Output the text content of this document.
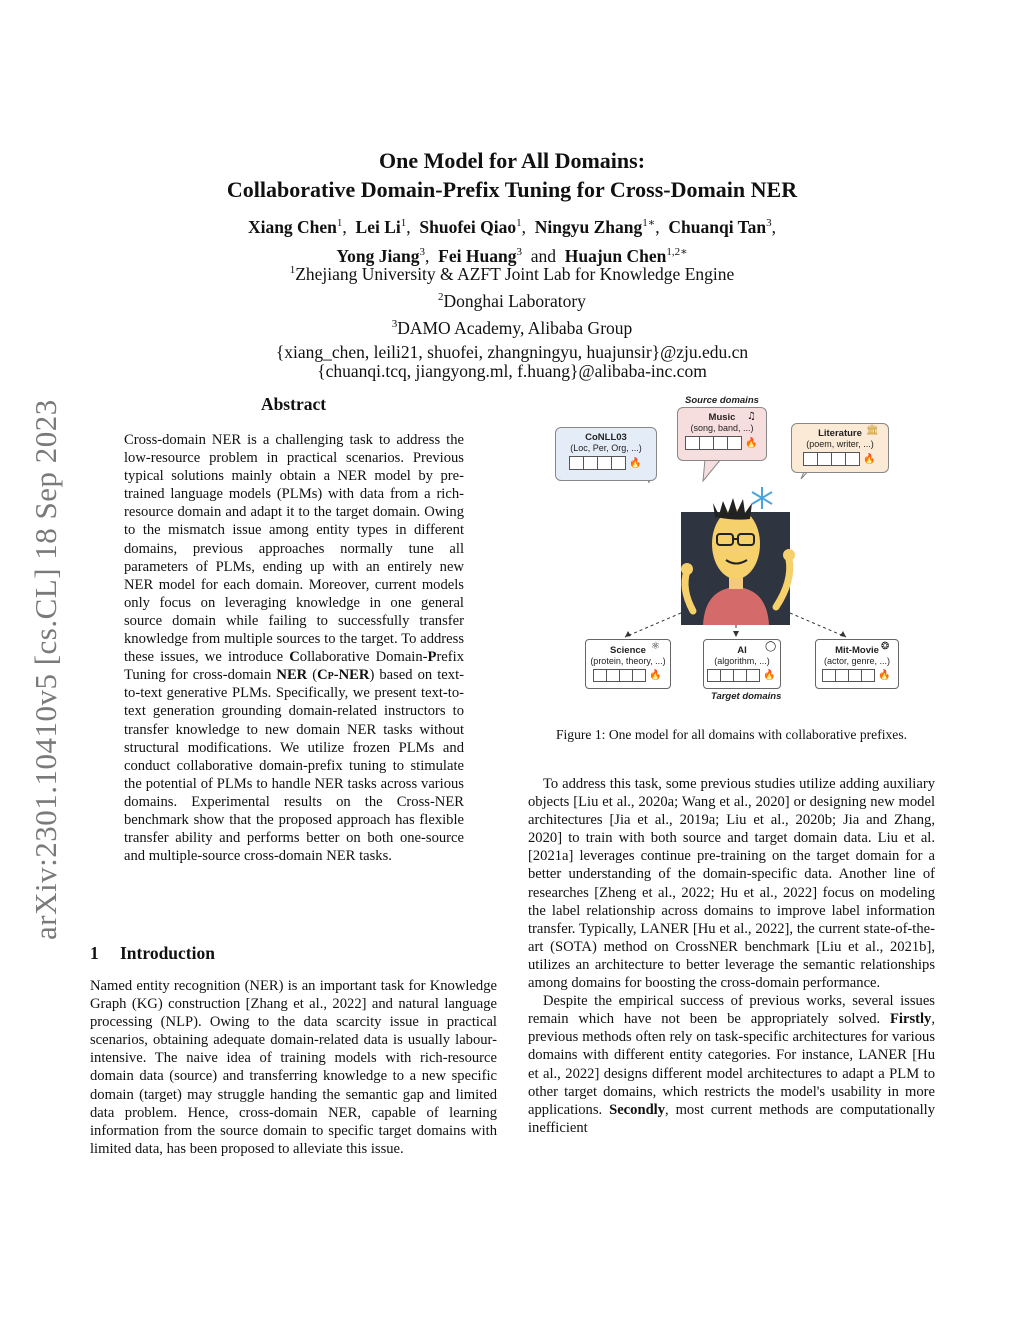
arXiv:2301.10410v5 [cs.CL] 18 Sep 2023
One Model for All Domains:
Collaborative Domain-Prefix Tuning for Cross-Domain NER
Xiang Chen$^1$,  Lei Li$^1$,  Shuofei Qiao$^1$,  Ningyu Zhang$^{1∗}$,  Chuanqi Tan$^3$,
Yong Jiang$^3$,  Fei Huang$^3$ and Huajun Chen$^{1,2∗}$
$^1$Zhejiang University & AZFT Joint Lab for Knowledge Engine
$^2$Donghai Laboratory
$^3$DAMO Academy, Alibaba Group
{xiang_chen, leili21, shuofei, zhangningyu, huajunsir}@zju.edu.cn
{chuanqi.tcq, jiangyong.ml, f.huang}@alibaba-inc.com
Abstract
Cross-domain NER is a challenging task to address the low-resource problem in practical scenarios. Previous typical solutions mainly obtain a NER model by pre-trained language models (PLMs) with data from a rich-resource domain and adapt it to the target domain. Owing to the mismatch issue among entity types in different domains, previous approaches normally tune all parameters of PLMs, ending up with an entirely new NER model for each domain. Moreover, current models only focus on leveraging knowledge in one general source domain while failing to successfully transfer knowledge from multiple sources to the target. To address these issues, we introduce Collaborative Domain-Prefix Tuning for cross-domain NER (Cp-NER) based on text-to-text generative PLMs. Specifically, we present text-to-text generation grounding domain-related instructors to transfer knowledge to new domain NER tasks without structural modifications. We utilize frozen PLMs and conduct collaborative domain-prefix tuning to stimulate the potential of PLMs to handle NER tasks across various domains. Experimental results on the Cross-NER benchmark show that the proposed approach has flexible transfer ability and performs better on both one-source and multiple-source cross-domain NER tasks.
1 Introduction

Named entity recognition (NER) is an important task for Knowledge Graph (KG) construction [Zhang et al., 2022] and natural language processing (NLP). Owing to the data scarcity issue in practical scenarios, obtaining adequate domain-related data is usually labour-intensive. The naive idea of training models with rich-resource domain data (source) and transferring knowledge to a new specific domain (target) may struggle handing the semantic gap and limited data problem. Hence, cross-domain NER, capable of learning information from the source domain to specific target domains with limited data, has been proposed to alleviate this issue.

Source domains
CoNLL03
(Loc, Per, Org, ...)
🔥
Music
(song, band, ...)
🔥
♫
Literature
(poem, writer, ...)
🔥
🏛
Science
(protein, theory, ...)
🔥
⚛	AI
(algorithm, ...)
🔥
◯	Mit-Movie
(actor, genre, ...)
🔥
❂
Target domains
Figure 1: One model for all domains with collaborative prefixes.

To address this task, some previous studies utilize adding auxiliary objects [Liu et al., 2020a; Wang et al., 2020] or designing new model architectures [Jia et al., 2019a; Liu et al., 2020b; Jia and Zhang, 2020] to train with both source and target domain data. Liu et al. [2021a] leverages continue pre-training on the target domain for a better understanding of the domain-specific data. Another line of researches [Zheng et al., 2022; Hu et al., 2022] focus on modeling the label relationship across domains to improve label information transfer. Typically, LANER [Hu et al., 2022], the current state-of-the-art (SOTA) method on CrossNER benchmark [Liu et al., 2021b], utilizes an architecture to better leverage the semantic relationships among domains for boosting the cross-domain performance.

Despite the empirical success of previous works, several issues remain which have not been be appropriately solved. Firstly, previous methods often rely on task-specific architectures for various domains with different entity categories. For instance, LANER [Hu et al., 2022] designs different model architectures to adapt a PLM to other target domains, which restricts the model's usability in more applications. Secondly, most current methods are computationally inefficient
